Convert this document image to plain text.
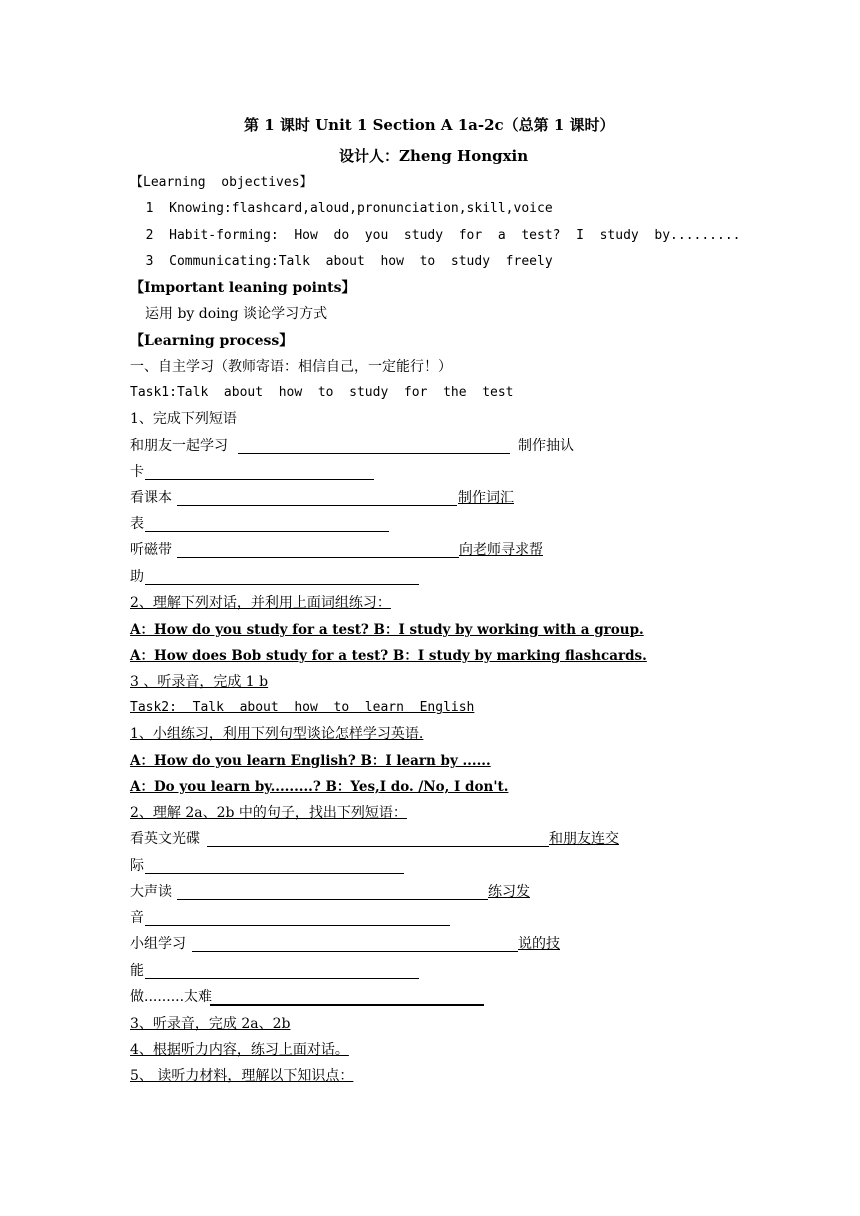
第 1 课时 Unit 1 Section A 1a-2c（总第 1 课时）
设计人：Zheng Hongxin
【Learning  objectives】
1  Knowing:flashcard,aloud,pronunciation,skill,voice
2  Habit-forming:  How  do  you  study  for  a  test?  I  study  by.........
3  Communicating:Talk  about  how  to  study  freely
【Important leaning points】
运用 by doing 谈论学习方式
【Learning process】
一、自主学习（教师寄语：相信自己，一定能行！）
Task1:Talk  about  how  to  study  for  the  test
1、完成下列短语
和朋友一起学习	制作抽认
卡
看课本	制作词汇
表
听磁带	向老师寻求帮
助
2、理解下列对话，并利用上面词组练习：
A：How do you study for a test? B：I study by working with a group.
A：How does Bob study for a test? B：I study by marking flashcards.
3 、听录音，完成 1 b
Task2:  Talk  about  how  to  learn  English
1、小组练习，利用下列句型谈论怎样学习英语.
A：How do you learn English? B：I learn by ......
A：Do you learn by.........? B：Yes,I do. /No, I don't.
2、理解 2a、2b 中的句子，找出下列短语：
看英文光碟	和朋友连交
际
大声读	练习发
音
小组学习	说的技
能
做.........太难
3、听录音，完成 2a、2b
4、根据听力内容，练习上面对话。
5、 读听力材料，理解以下知识点：
